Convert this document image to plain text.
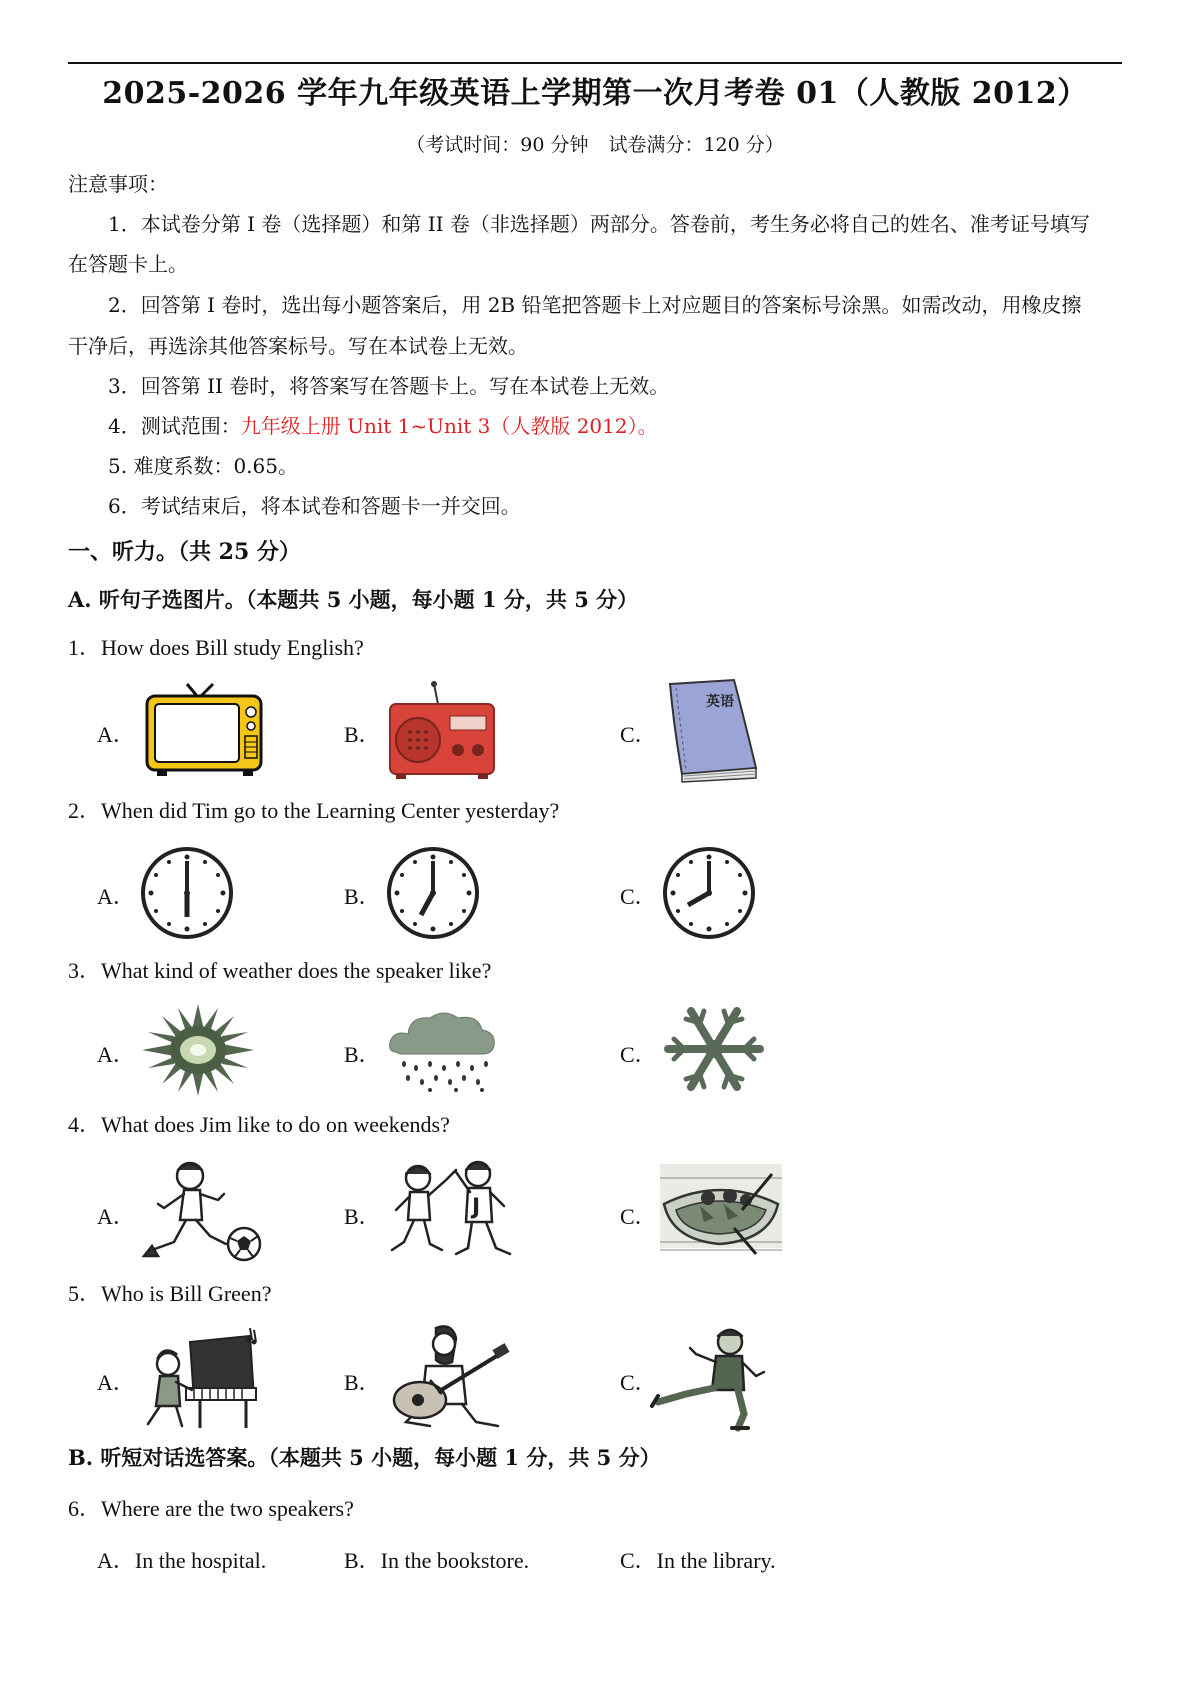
2025-2026 学年九年级英语上学期第一次月考卷 01（人教版 2012）
（考试时间：90 分钟 试卷满分：120 分）
注意事项：
1．本试卷分第 I 卷（选择题）和第 II 卷（非选择题）两部分。答卷前，考生务必将自己的姓名、准考证号填写
在答题卡上。
2．回答第 I 卷时，选出每小题答案后，用 2B 铅笔把答题卡上对应题目的答案标号涂黑。如需改动，用橡皮擦
干净后，再选涂其他答案标号。写在本试卷上无效。
3．回答第 II 卷时，将答案写在答题卡上。写在本试卷上无效。
4．测试范围：九年级上册 Unit 1~Unit 3（人教版 2012）。
5. 难度系数：0.65。
6．考试结束后，将本试卷和答题卡一并交回。
一、听力。（共 25 分）
A. 听句子选图片。（本题共 5 小题，每小题 1 分，共 5 分）
1．How does Bill study English?
A．	B．	C．
英语
2．When did Tim go to the Learning Center yesterday?
A．	B．	C．
3．What kind of weather does the speaker like?
A．	B．	C．
4．What does Jim like to do on weekends?
A．	B．	C．
J
5．Who is Bill Green?
A．	B．	C．
B. 听短对话选答案。（本题共 5 小题，每小题 1 分，共 5 分）
6．Where are the two speakers?
A．In the hospital.	B．In the bookstore.	C．In the library.
